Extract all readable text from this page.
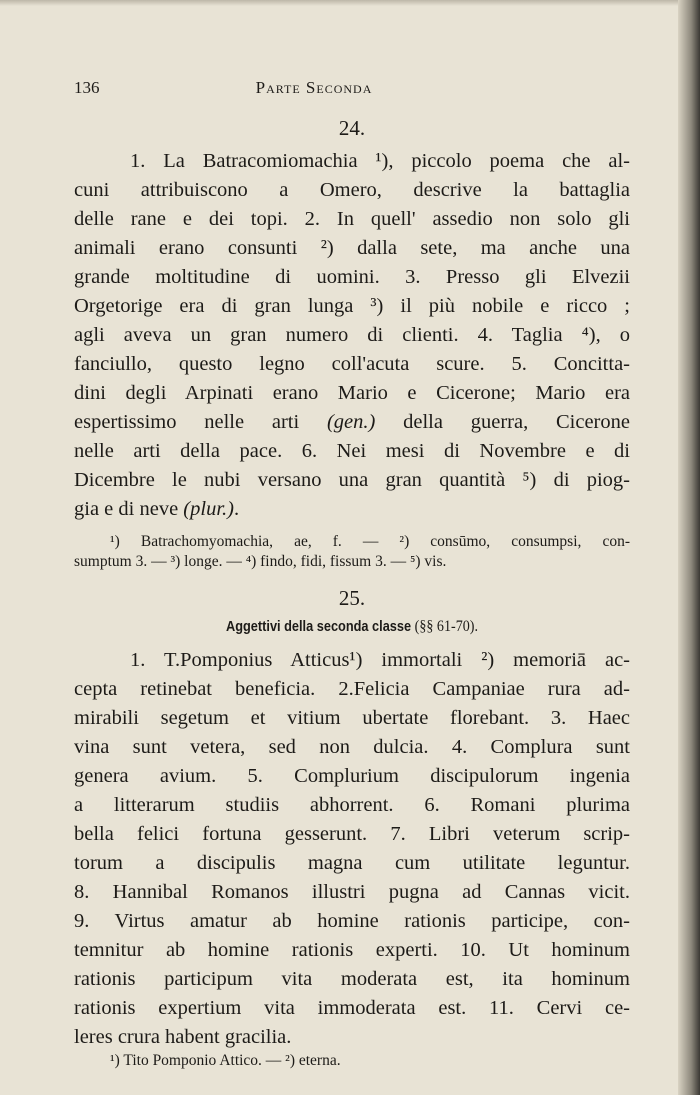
136	Parte Seconda
24.
1. La Batracomiomachia ¹), piccolo poema che al-
cuni attribuiscono a Omero, descrive la battaglia
delle rane e dei topi. 2. In quell' assedio non solo gli
animali erano consunti ²) dalla sete, ma anche una
grande moltitudine di uomini. 3. Presso gli Elvezii
Orgetorige era di gran lunga ³) il più nobile e ricco ;
agli aveva un gran numero di clienti. 4. Taglia ⁴), o
fanciullo, questo legno coll'acuta scure. 5. Concitta-
dini degli Arpinati erano Mario e Cicerone; Mario era
espertissimo nelle arti (gen.) della guerra, Cicerone
nelle arti della pace. 6. Nei mesi di Novembre e di
Dicembre le nubi versano una gran quantità ⁵) di piog-
gia e di neve (plur.).
¹) Batrachomyomachia, ae, f. — ²) consūmo, consumpsi, con-
sumptum 3. — ³) longe. — ⁴) findo, fidi, fissum 3. — ⁵) vis.
25.
Aggettivi della seconda classe (§§ 61-70).
1. T.Pomponius Atticus¹) immortali ²) memoriā ac-
cepta retinebat beneficia. 2.Felicia Campaniae rura ad-
mirabili segetum et vitium ubertate florebant. 3. Haec
vina sunt vetera, sed non dulcia. 4. Complura sunt
genera avium. 5. Complurium discipulorum ingenia
a litterarum studiis abhorrent. 6. Romani plurima
bella felici fortuna gesserunt. 7. Libri veterum scrip-
torum a discipulis magna cum utilitate leguntur.
8. Hannibal Romanos illustri pugna ad Cannas vicit.
9. Virtus amatur ab homine rationis participe, con-
temnitur ab homine rationis experti. 10. Ut hominum
rationis participum vita moderata est, ita hominum
rationis expertium vita immoderata est. 11. Cervi ce-
leres crura habent gracilia.
¹) Tito Pomponio Attico. — ²) eterna.
